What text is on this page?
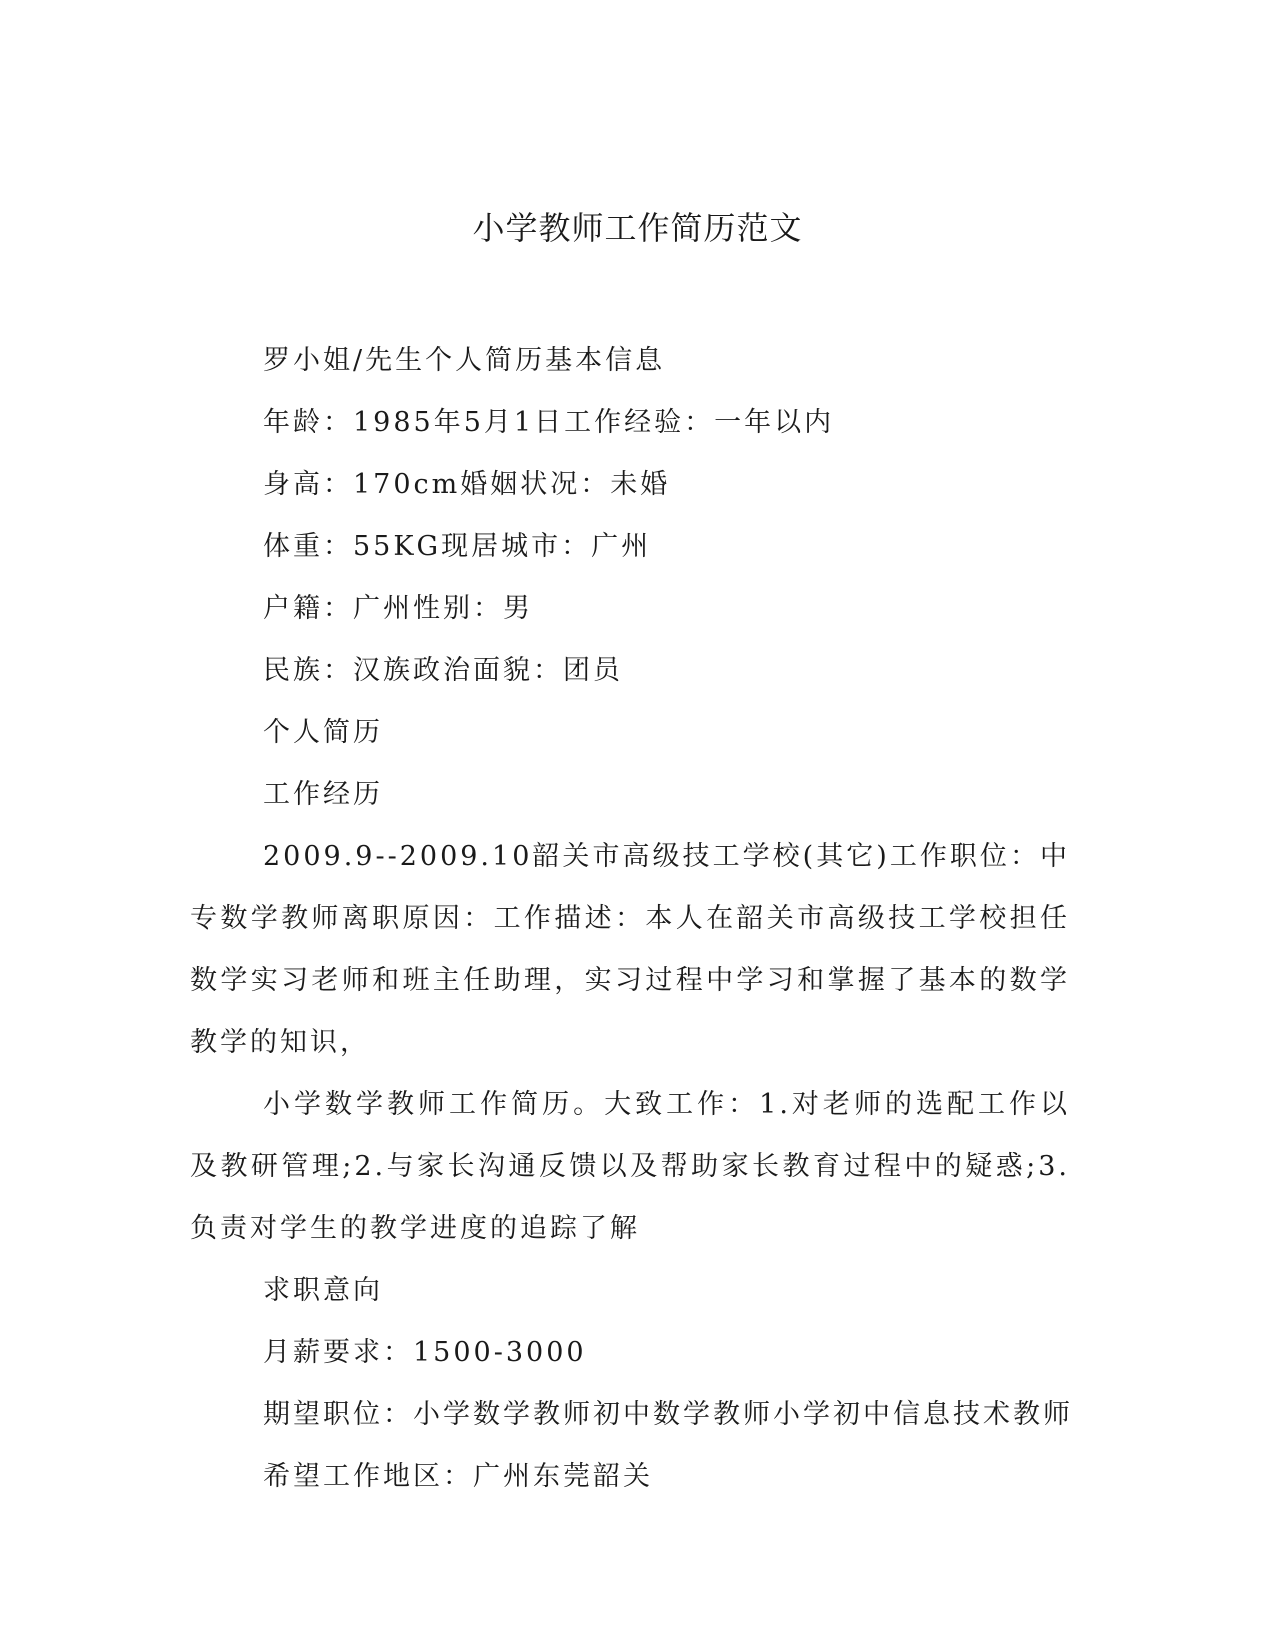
小学教师工作简历范文

罗小姐/先生个人简历基本信息

年龄：1985年5月1日工作经验：一年以内

身高：170cm婚姻状况：未婚

体重：55KG现居城市：广州

户籍：广州性别：男

民族：汉族政治面貌：团员

个人简历

工作经历

2009.9--2009.10韶关市高级技工学校(其它)工作职位：中专数学教师离职原因：工作描述：本人在韶关市高级技工学校担任数学实习老师和班主任助理，实习过程中学习和掌握了基本的数学教学的知识，

小学数学教师工作简历。大致工作：1.对老师的选配工作以及教研管理;2.与家长沟通反馈以及帮助家长教育过程中的疑惑;3.负责对学生的教学进度的追踪了解

求职意向

月薪要求：1500-3000

期望职位：小学数学教师初中数学教师小学初中信息技术教师

希望工作地区：广州东莞韶关
